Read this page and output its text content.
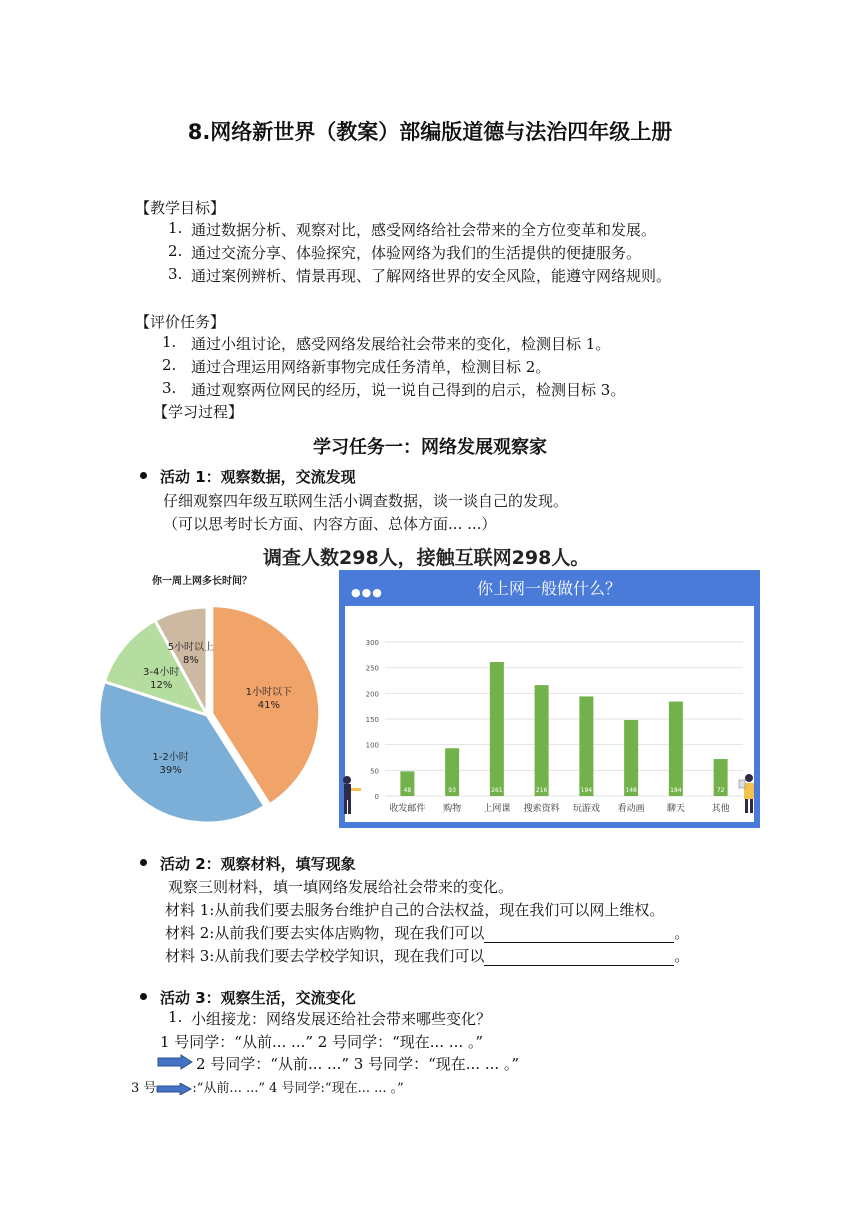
8.网络新世界（教案）部编版道德与法治四年级上册
【教学目标】
1. 通过数据分析、观察对比，感受网络给社会带来的全方位变革和发展。
2. 通过交流分享、体验探究，体验网络为我们的生活提供的便捷服务。
3. 通过案例辨析、情景再现、了解网络世界的安全风险，能遵守网络规则。
【评价任务】
1. 通过小组讨论，感受网络发展给社会带来的变化，检测目标 1。
2. 通过合理运用网络新事物完成任务清单，检测目标 2。
3. 通过观察两位网民的经历，说一说自己得到的启示，检测目标 3。
【学习过程】
学习任务一：网络发展观察家
活动 1：观察数据，交流发现
仔细观察四年级互联网生活小调查数据，谈一谈自己的发现。
（可以思考时长方面、内容方面、总体方面... ...）
调查人数298人，接触互联网298人。
你一周上网多长时间？
1小时以下
41%
1-2小时
39%
3-4小时
12%
5小时以上
8%
●●●	你上网一般做什么？
0
50
100
150
200
250
300
48
收发邮件
93
购物
261
上网课
216
搜索资料
194
玩游戏
148
看动画
184
聊天
72
其他
活动 2：观察材料，填写现象
观察三则材料，填一填网络发展给社会带来的变化。
材料 1:从前我们要去服务台维护自己的合法权益，现在我们可以网上维权。
材料 2:从前我们要去实体店购物，现在我们可以	。
材料 3:从前我们要去学校学知识，现在我们可以	。
活动 3：观察生活，交流变化
1. 小组接龙：网络发展还给社会带来哪些变化？
1 号同学：“从前... ...” 2 号同学：“现在... ... 。”
2 号同学：“从前... ...” 3 号同学：“现在... ... 。”
3 号	:“从前... ...” 4 号同学:“现在... ... 。”
